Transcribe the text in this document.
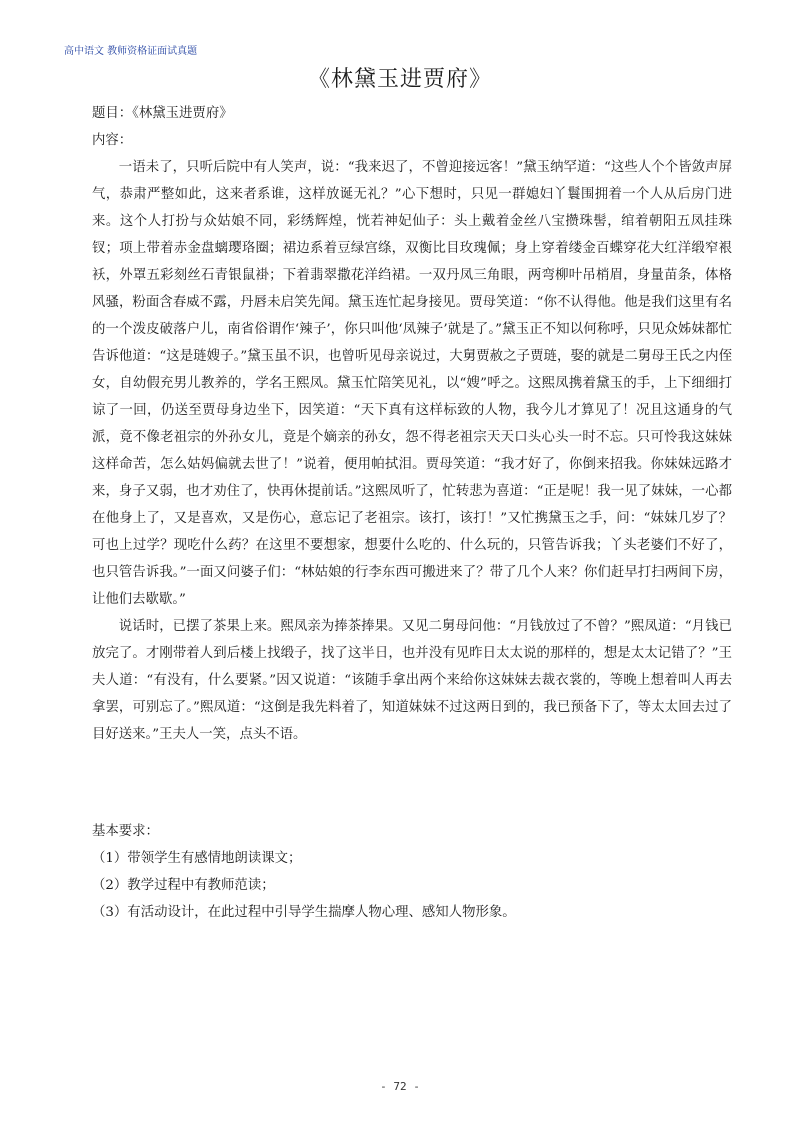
高中语文 教师资格证面试真题
《林黛玉进贾府》

题目：《林黛玉进贾府》

内容：

一语未了，只听后院中有人笑声，说：“我来迟了，不曾迎接远客！”黛玉纳罕道：“这些人个个皆敛声屏气，恭肃严整如此，这来者系谁，这样放诞无礼？”心下想时，只见一群媳妇丫鬟围拥着一个人从后房门进来。这个人打扮与众姑娘不同，彩绣辉煌，恍若神妃仙子：头上戴着金丝八宝攒珠髻，绾着朝阳五凤挂珠钗；项上带着赤金盘螭璎珞圈；裙边系着豆绿宫绦，双衡比目玫瑰佩；身上穿着缕金百蝶穿花大红洋缎窄裉袄，外罩五彩刻丝石青银鼠褂；下着翡翠撒花洋绉裙。一双丹凤三角眼，两弯柳叶吊梢眉，身量苗条，体格风骚，粉面含春威不露，丹唇未启笑先闻。黛玉连忙起身接见。贾母笑道：“你不认得他。他是我们这里有名的一个泼皮破落户儿，南省俗谓作‘辣子’，你只叫他‘凤辣子’就是了。”黛玉正不知以何称呼，只见众姊妹都忙告诉他道：“这是琏嫂子。”黛玉虽不识，也曾听见母亲说过，大舅贾赦之子贾琏，娶的就是二舅母王氏之内侄女，自幼假充男儿教养的，学名王熙凤。黛玉忙陪笑见礼，以“嫂”呼之。这熙凤携着黛玉的手，上下细细打谅了一回，仍送至贾母身边坐下，因笑道：“天下真有这样标致的人物，我今儿才算见了！况且这通身的气派，竟不像老祖宗的外孙女儿，竟是个嫡亲的孙女，怨不得老祖宗天天口头心头一时不忘。只可怜我这妹妹这样命苦，怎么姑妈偏就去世了！”说着，便用帕拭泪。贾母笑道：“我才好了，你倒来招我。你妹妹远路才来，身子又弱，也才劝住了，快再休提前话。”这熙凤听了，忙转悲为喜道：“正是呢！我一见了妹妹，一心都在他身上了，又是喜欢，又是伤心，意忘记了老祖宗。该打，该打！”又忙携黛玉之手，问：“妹妹几岁了？可也上过学？现吃什么药？在这里不要想家，想要什么吃的、什么玩的，只管告诉我；丫头老婆们不好了，也只管告诉我。”一面又问婆子们：“林姑娘的行李东西可搬进来了？带了几个人来？你们赶早打扫两间下房，让他们去歇歇。”

说话时，已摆了茶果上来。熙凤亲为捧茶捧果。又见二舅母问他：“月钱放过了不曾？”熙凤道：“月钱已放完了。才刚带着人到后楼上找缎子，找了这半日，也并没有见昨日太太说的那样的，想是太太记错了？”王夫人道：“有没有，什么要紧。”因又说道：“该随手拿出两个来给你这妹妹去裁衣裳的，等晚上想着叫人再去拿罢，可别忘了。”熙凤道：“这倒是我先料着了，知道妹妹不过这两日到的，我已预备下了，等太太回去过了目好送来。”王夫人一笑，点头不语。

基本要求：

（1）带领学生有感情地朗读课文；

（2）教学过程中有教师范读；

（3）有活动设计，在此过程中引导学生揣摩人物心理、感知人物形象。

- 72 -
